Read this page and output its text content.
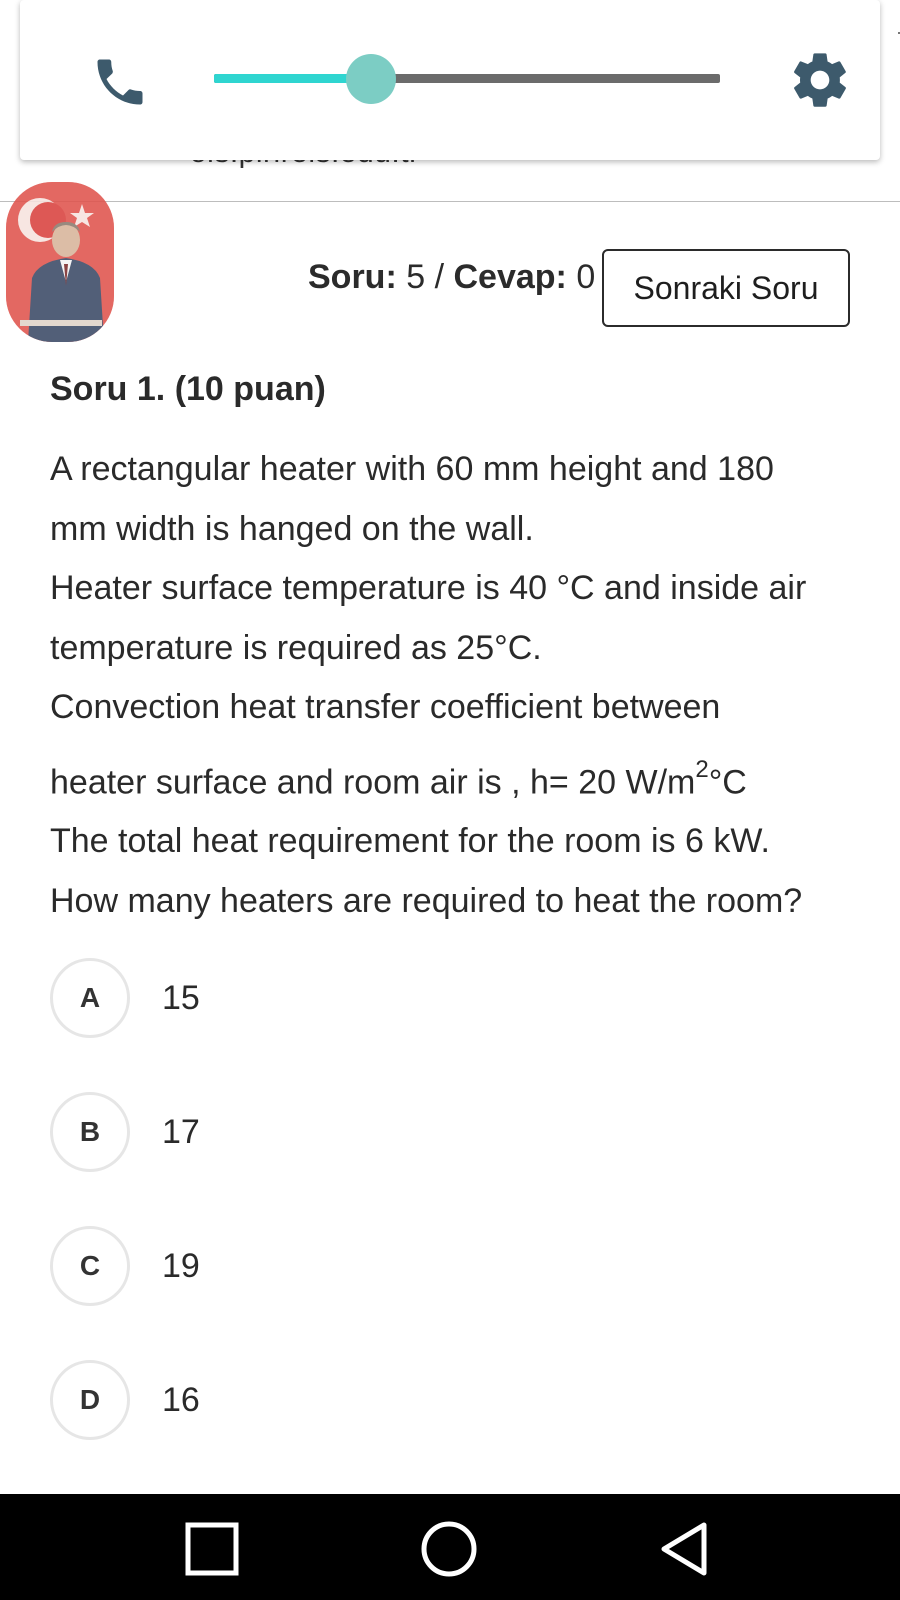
Soru: 5 / Cevap: 0	Sonraki Soru
Soru 1. (10 puan)
A rectangular heater with 60 mm height and 180
mm width is hanged on the wall.
Heater surface temperature is 40 °C and inside air
temperature is required as 25°C.
Convection heat transfer coefficient between
heater surface and room air is , h= 20 $W/m^2^\circ C$
The total heat requirement for the room is 6 kW.
How many heaters are required to heat the room?
A	15
B	17
C	19
D	16
